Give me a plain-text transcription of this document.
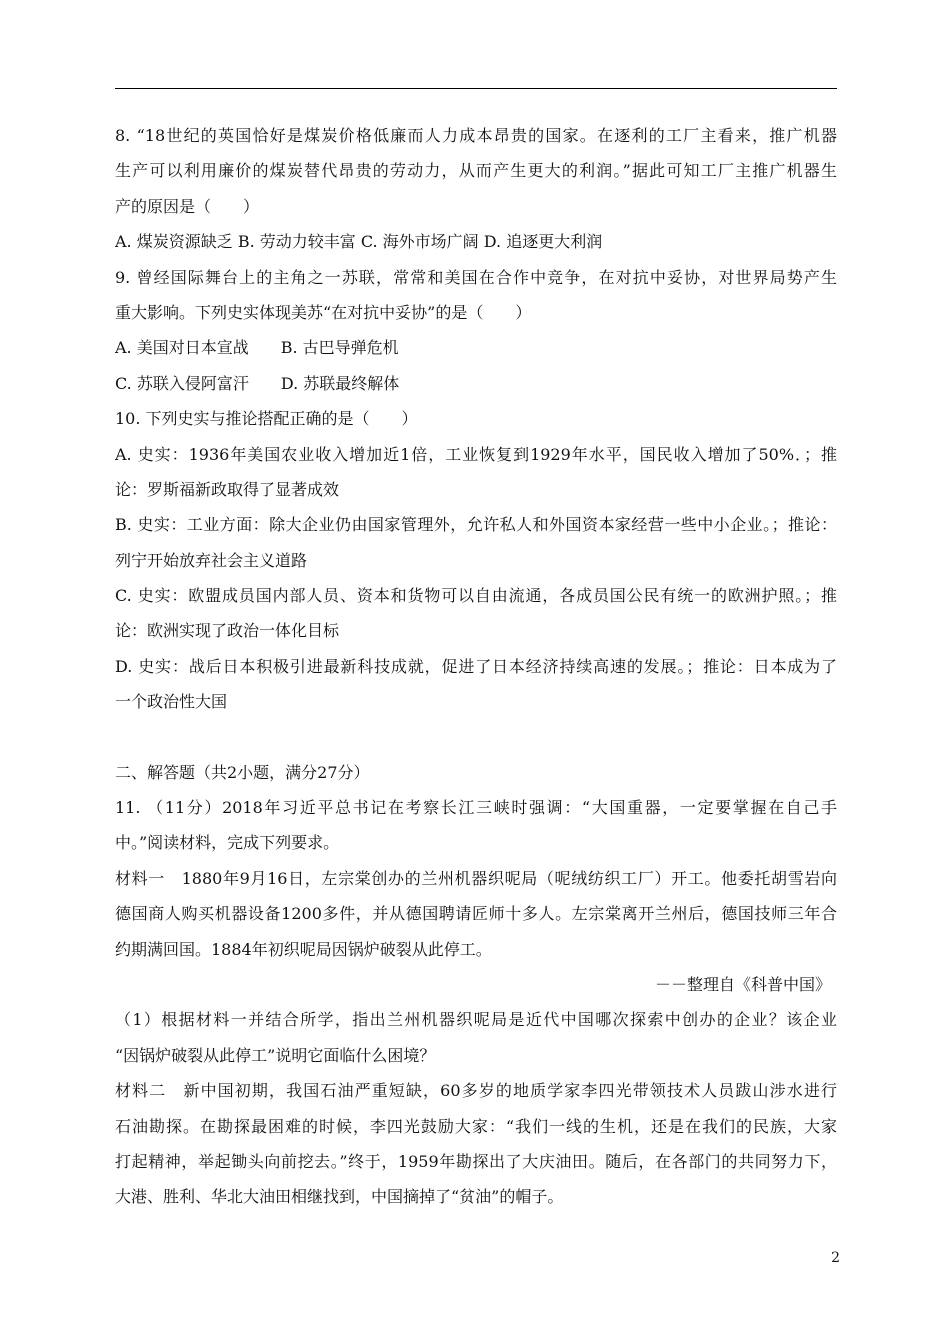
8. “18世纪的英国恰好是煤炭价格低廉而人力成本昂贵的国家。在逐利的工厂主看来，推广机器
生产可以利用廉价的煤炭替代昂贵的劳动力，从而产生更大的利润。”据此可知工厂主推广机器生
产的原因是（　　）
A. 煤炭资源缺乏 B. 劳动力较丰富 C. 海外市场广阔 D. 追逐更大利润
9. 曾经国际舞台上的主角之一苏联，常常和美国在合作中竞争，在对抗中妥协，对世界局势产生
重大影响。下列史实体现美苏“在对抗中妥协”的是（　　）
A. 美国对日本宣战　　B. 古巴导弹危机
C. 苏联入侵阿富汗　　D. 苏联最终解体
10. 下列史实与推论搭配正确的是（　　）
A. 史实：1936年美国农业收入增加近1倍，工业恢复到1929年水平，国民收入增加了50%．；推
论：罗斯福新政取得了显著成效
B. 史实：工业方面：除大企业仍由国家管理外，允许私人和外国资本家经营一些中小企业。；推论：
列宁开始放弃社会主义道路
C. 史实：欧盟成员国内部人员、资本和货物可以自由流通，各成员国公民有统一的欧洲护照。；推
论：欧洲实现了政治一体化目标
D. 史实：战后日本积极引进最新科技成就，促进了日本经济持续高速的发展。；推论：日本成为了
一个政治性大国
二、解答题（共2小题，满分27分）
11. （11分）2018年习近平总书记在考察长江三峡时强调：“大国重器，一定要掌握在自己手
中。”阅读材料，完成下列要求。
材料一　1880年9月16日，左宗棠创办的兰州机器织呢局（呢绒纺织工厂）开工。他委托胡雪岩向
德国商人购买机器设备1200多件，并从德国聘请匠师十多人。左宗棠离开兰州后，德国技师三年合
约期满回国。1884年初织呢局因锅炉破裂从此停工。
－－整理自《科普中国》
（1）根据材料一并结合所学，指出兰州机器织呢局是近代中国哪次探索中创办的企业？该企业
“因锅炉破裂从此停工”说明它面临什么困境？
材料二　新中国初期，我国石油严重短缺，60多岁的地质学家李四光带领技术人员跋山涉水进行
石油勘探。在勘探最困难的时候，李四光鼓励大家：“我们一线的生机，还是在我们的民族，大家
打起精神，举起锄头向前挖去。”终于，1959年勘探出了大庆油田。随后，在各部门的共同努力下，
大港、胜利、华北大油田相继找到，中国摘掉了“贫油”的帽子。
2
